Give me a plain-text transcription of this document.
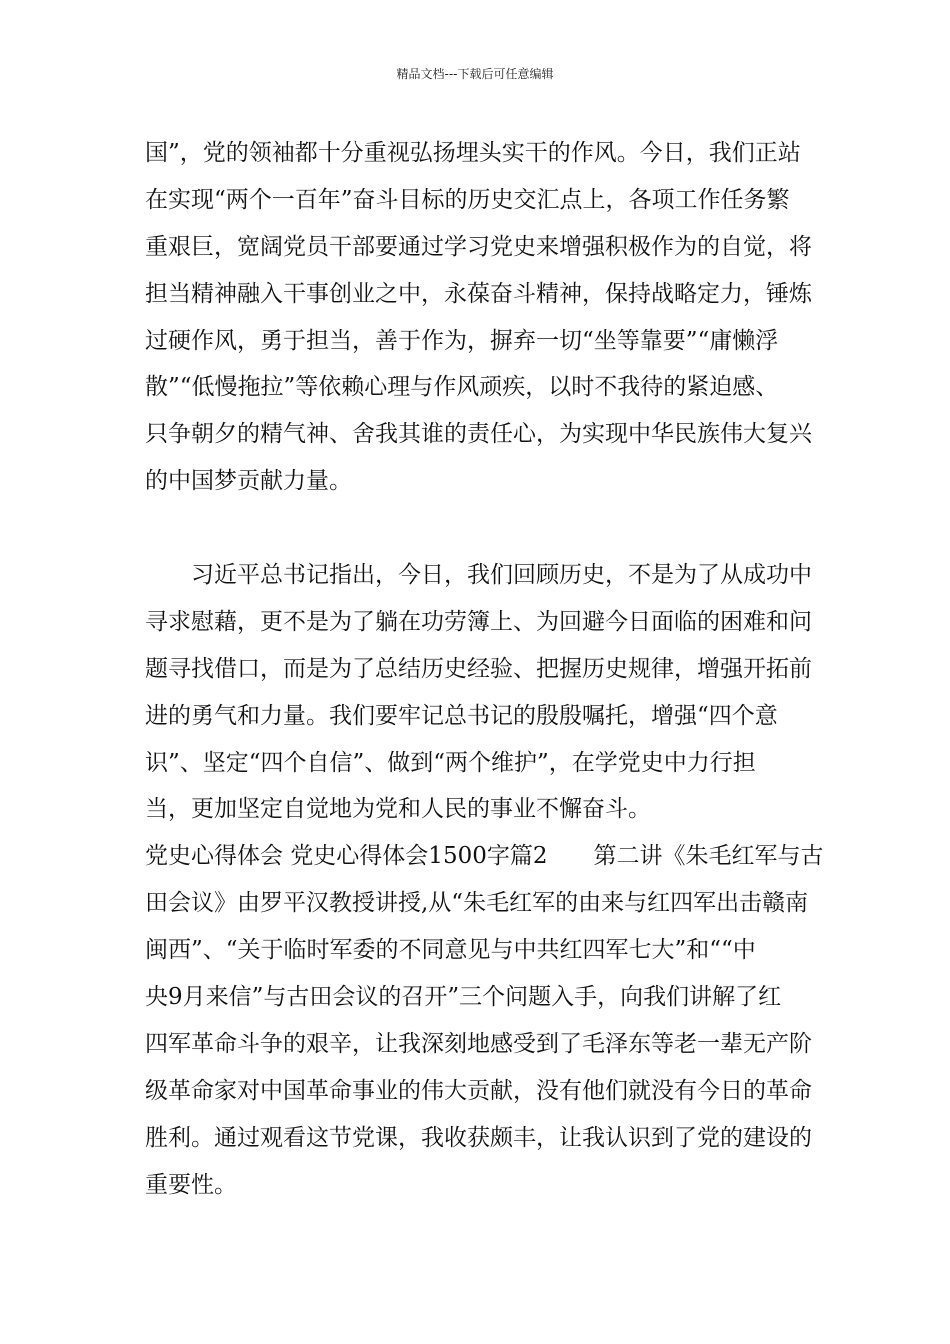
精品文档---下载后可任意编辑
国”，党的领袖都十分重视弘扬埋头实干的作风。今日，我们正站
在实现“两个一百年”奋斗目标的历史交汇点上，各项工作任务繁
重艰巨，宽阔党员干部要通过学习党史来增强积极作为的自觉，将
担当精神融入干事创业之中，永葆奋斗精神，保持战略定力，锤炼
过硬作风，勇于担当，善于作为，摒弃一切“坐等靠要”“庸懒浮
散”“低慢拖拉”等依赖心理与作风顽疾，以时不我待的紧迫感、
只争朝夕的精气神、舍我其谁的责任心，为实现中华民族伟大复兴
的中国梦贡献力量。
　　习近平总书记指出，今日，我们回顾历史，不是为了从成功中
寻求慰藉，更不是为了躺在功劳簿上、为回避今日面临的困难和问
题寻找借口，而是为了总结历史经验、把握历史规律，增强开拓前
进的勇气和力量。我们要牢记总书记的殷殷嘱托，增强“四个意
识”、坚定“四个自信”、做到“两个维护”，在学党史中力行担
当，更加坚定自觉地为党和人民的事业不懈奋斗。
党史心得体会 党史心得体会1500字篇2　　第二讲《朱毛红军与古
田会议》由罗平汉教授讲授,从“朱毛红军的由来与红四军出击赣南
闽西”、“关于临时军委的不同意见与中共红四军七大”和““中
央9月来信”与古田会议的召开”三个问题入手，向我们讲解了红
四军革命斗争的艰辛，让我深刻地感受到了毛泽东等老一辈无产阶
级革命家对中国革命事业的伟大贡献，没有他们就没有今日的革命
胜利。通过观看这节党课，我收获颇丰，让我认识到了党的建设的
重要性。
